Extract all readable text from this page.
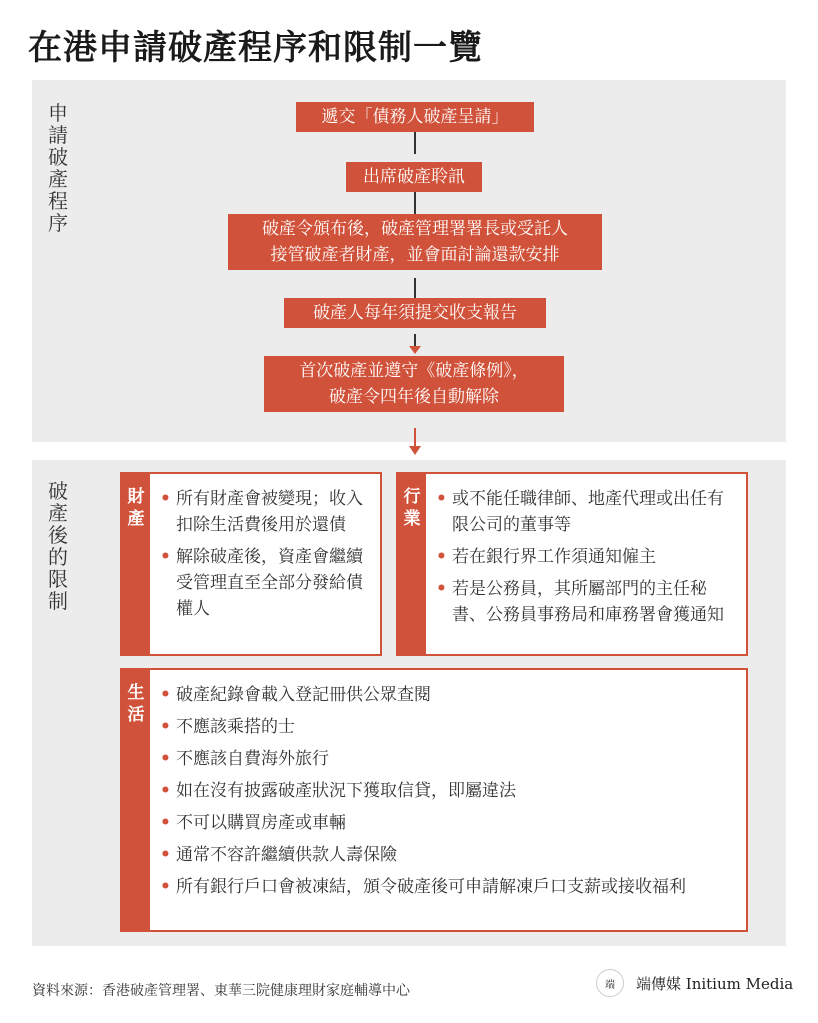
在港申請破產程序和限制一覽
申
請
破
產
程
序
遞交「債務人破產呈請」
出席破產聆訊
破產令頒布後，破產管理署署長或受託人
接管破產者財產，並會面討論還款安排
破產人每年須提交收支報告
首次破產並遵守《破產條例》，
破產令四年後自動解除
破
產
後
的
限
制
財
產
• 所有財產會被變現；收入扣除生活費後用於還債
• 解除破產後，資產會繼續受管理直至全部分發給債權人
行
業
• 或不能任職律師、地產代理或出任有限公司的董事等
• 若在銀行界工作須通知僱主
• 若是公務員，其所屬部門的主任秘書、公務員事務局和庫務署會獲通知
生
活
• 破產紀錄會載入登記冊供公眾查閱
• 不應該乘搭的士
• 不應該自費海外旅行
• 如在沒有披露破產狀況下獲取信貸，即屬違法
• 不可以購買房產或車輛
• 通常不容許繼續供款人壽保險
• 所有銀行戶口會被凍結，頒令破產後可申請解凍戶口支薪或接收福利
資料來源：香港破產管理署、東華三院健康理財家庭輔導中心	端	端傳媒 Initium Media
